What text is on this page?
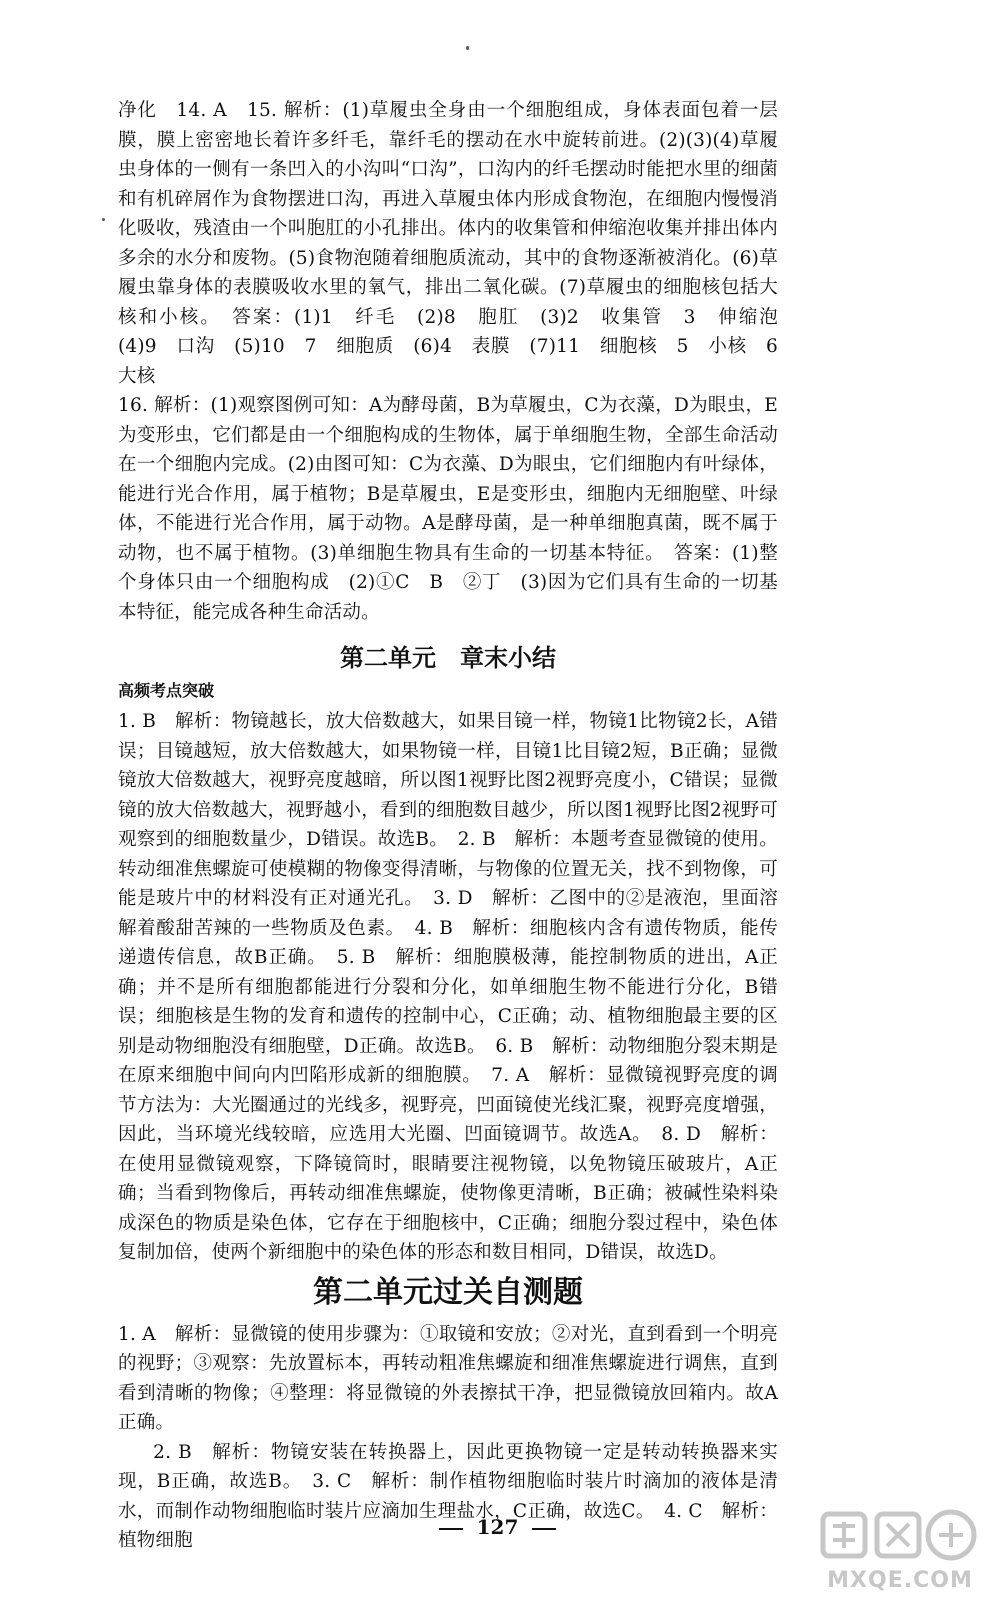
净化　14. A　15. 解析：(1)草履虫全身由一个细胞组成，身体表面包着一层膜，膜上密密地长着许多纤毛，靠纤毛的摆动在水中旋转前进。(2)(3)(4)草履虫身体的一侧有一条凹入的小沟叫“口沟”，口沟内的纤毛摆动时能把水里的细菌和有机碎屑作为食物摆进口沟，再进入草履虫体内形成食物泡，在细胞内慢慢消化吸收，残渣由一个叫胞肛的小孔排出。体内的收集管和伸缩泡收集并排出体内多余的水分和废物。(5)食物泡随着细胞质流动，其中的食物逐渐被消化。(6)草履虫靠身体的表膜吸收水里的氧气，排出二氧化碳。(7)草履虫的细胞核包括大核和小核。　答案：(1)1　纤毛　(2)8　胞肛　(3)2　收集管　3　伸缩泡　(4)9　口沟　(5)10　7　细胞质　(6)4　表膜　(7)11　细胞核　5　小核　6　大核

16. 解析：(1)观察图例可知：A为酵母菌，B为草履虫，C为衣藻，D为眼虫，E为变形虫，它们都是由一个细胞构成的生物体，属于单细胞生物，全部生命活动在一个细胞内完成。(2)由图可知：C为衣藻、D为眼虫，它们细胞内有叶绿体，能进行光合作用，属于植物；B是草履虫，E是变形虫，细胞内无细胞壁、叶绿体，不能进行光合作用，属于动物。A是酵母菌，是一种单细胞真菌，既不属于动物，也不属于植物。(3)单细胞生物具有生命的一切基本特征。　答案：(1)整个身体只由一个细胞构成　(2)①C　B　②丁　(3)因为它们具有生命的一切基本特征，能完成各种生命活动。

第二单元　章末小结
高频考点突破

1. B　解析：物镜越长，放大倍数越大，如果目镜一样，物镜1比物镜2长，A错误；目镜越短，放大倍数越大，如果物镜一样，目镜1比目镜2短，B正确；显微镜放大倍数越大，视野亮度越暗，所以图1视野比图2视野亮度小，C错误；显微镜的放大倍数越大，视野越小，看到的细胞数目越少，所以图1视野比图2视野可观察到的细胞数量少，D错误。故选B。　2. B　解析：本题考查显微镜的使用。转动细准焦螺旋可使模糊的物像变得清晰，与物像的位置无关，找不到物像，可能是玻片中的材料没有正对通光孔。　3. D　解析：乙图中的②是液泡，里面溶解着酸甜苦辣的一些物质及色素。　4. B　解析：细胞核内含有遗传物质，能传递遗传信息，故B正确。　5. B　解析：细胞膜极薄，能控制物质的进出，A正确；并不是所有细胞都能进行分裂和分化，如单细胞生物不能进行分化，B错误；细胞核是生物的发育和遗传的控制中心，C正确；动、植物细胞最主要的区别是动物细胞没有细胞壁，D正确。故选B。　6. B　解析：动物细胞分裂末期是在原来细胞中间向内凹陷形成新的细胞膜。　7. A　解析：显微镜视野亮度的调节方法为：大光圈通过的光线多，视野亮，凹面镜使光线汇聚，视野亮度增强，因此，当环境光线较暗，应选用大光圈、凹面镜调节。故选A。　8. D　解析：在使用显微镜观察，下降镜筒时，眼睛要注视物镜，以免物镜压破玻片，A正确；当看到物像后，再转动细准焦螺旋，使物像更清晰，B正确；被碱性染料染成深色的物质是染色体，它存在于细胞核中，C正确；细胞分裂过程中，染色体复制加倍，使两个新细胞中的染色体的形态和数目相同，D错误，故选D。

第二单元过关自测题

1. A　解析：显微镜的使用步骤为：①取镜和安放；②对光，直到看到一个明亮的视野；③观察：先放置标本，再转动粗准焦螺旋和细准焦螺旋进行调焦，直到看到清晰的物像；④整理：将显微镜的外表擦拭干净，把显微镜放回箱内。故A正确。

2. B　解析：物镜安装在转换器上，因此更换物镜一定是转动转换器来实现，B正确，故选B。　3. C　解析：制作植物细胞临时装片时滴加的液体是清水，而制作动物细胞临时装片应滴加生理盐水，C正确，故选C。　4. C　解析：植物细胞

127
MXQE.COM
